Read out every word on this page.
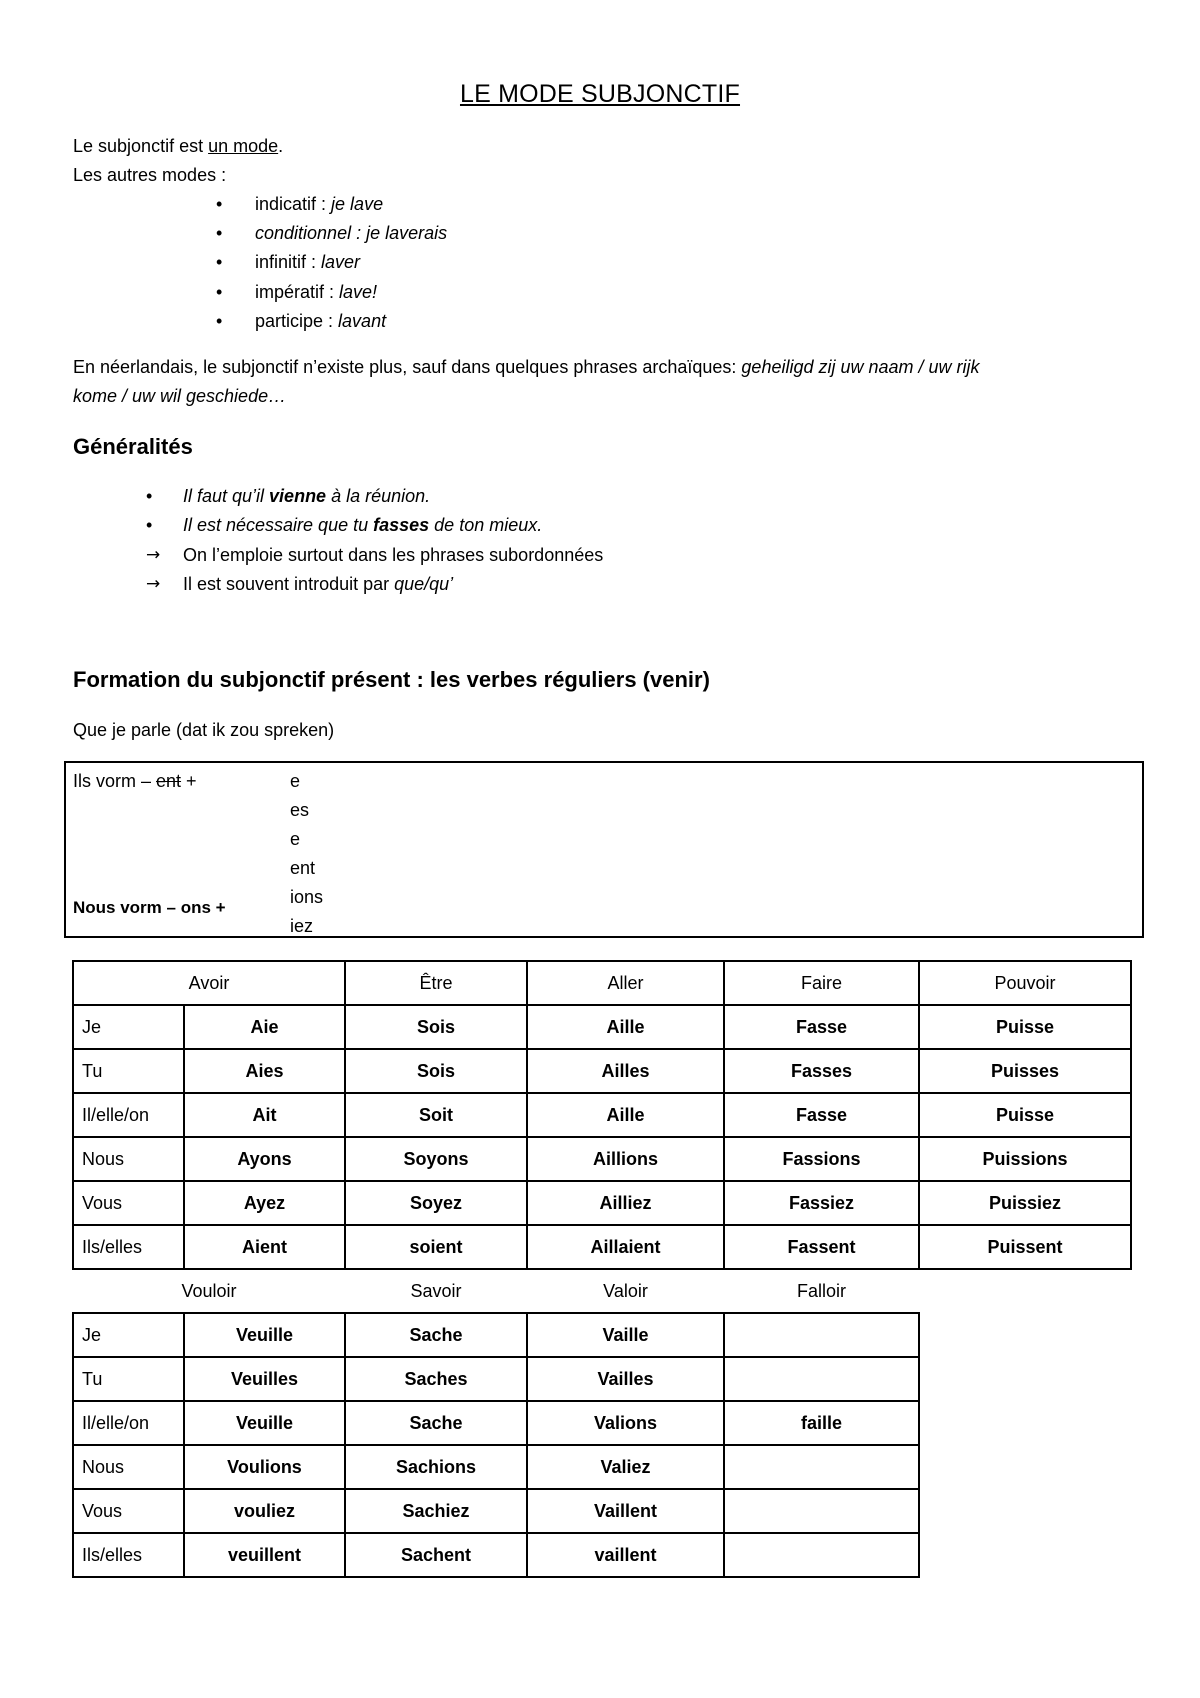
LE MODE SUBJONCTIF
Le subjonctif est un mode.
Les autres modes :
• indicatif : je lave
• conditionnel : je laverais
• infinitif : laver
• impératif : lave!
• participe : lavant
En néerlandais, le subjonctif n’existe plus, sauf dans quelques phrases archaïques: geheiligd zij uw naam / uw rijk
kome / uw wil geschiede…
Généralités
• Il faut qu’il vienne à la réunion.
• Il est nécessaire que tu fasses de ton mieux.
→ On l’emploie surtout dans les phrases subordonnées
→ Il est souvent introduit par que/qu’
Formation du subjonctif présent : les verbes réguliers (venir)
Que je parle (dat ik zou spreken)
Ils vorm – ent +
Nous vorm – ons +
e
es
e
ent
ions
iez
Avoir		Être	Aller	Faire	Pouvoir
Je	Aie	Sois	Aille	Fasse	Puisse
Tu	Aies	Sois	Ailles	Fasses	Puisses
Il/elle/on	Ait	Soit	Aille	Fasse	Puisse
Nous	Ayons	Soyons	Aillions	Fassions	Puissions
Vous	Ayez	Soyez	Ailliez	Fassiez	Puissiez
Ils/elles	Aient	soient	Aillaient	Fassent	Puissent
Vouloir		Savoir	Valoir	Falloir	
Je	Veuille	Sache	Vaille		
Tu	Veuilles	Saches	Vailles		
Il/elle/on	Veuille	Sache	Valions	faille	
Nous	Voulions	Sachions	Valiez		
Vous	vouliez	Sachiez	Vaillent		
Ils/elles	veuillent	Sachent	vaillent		
